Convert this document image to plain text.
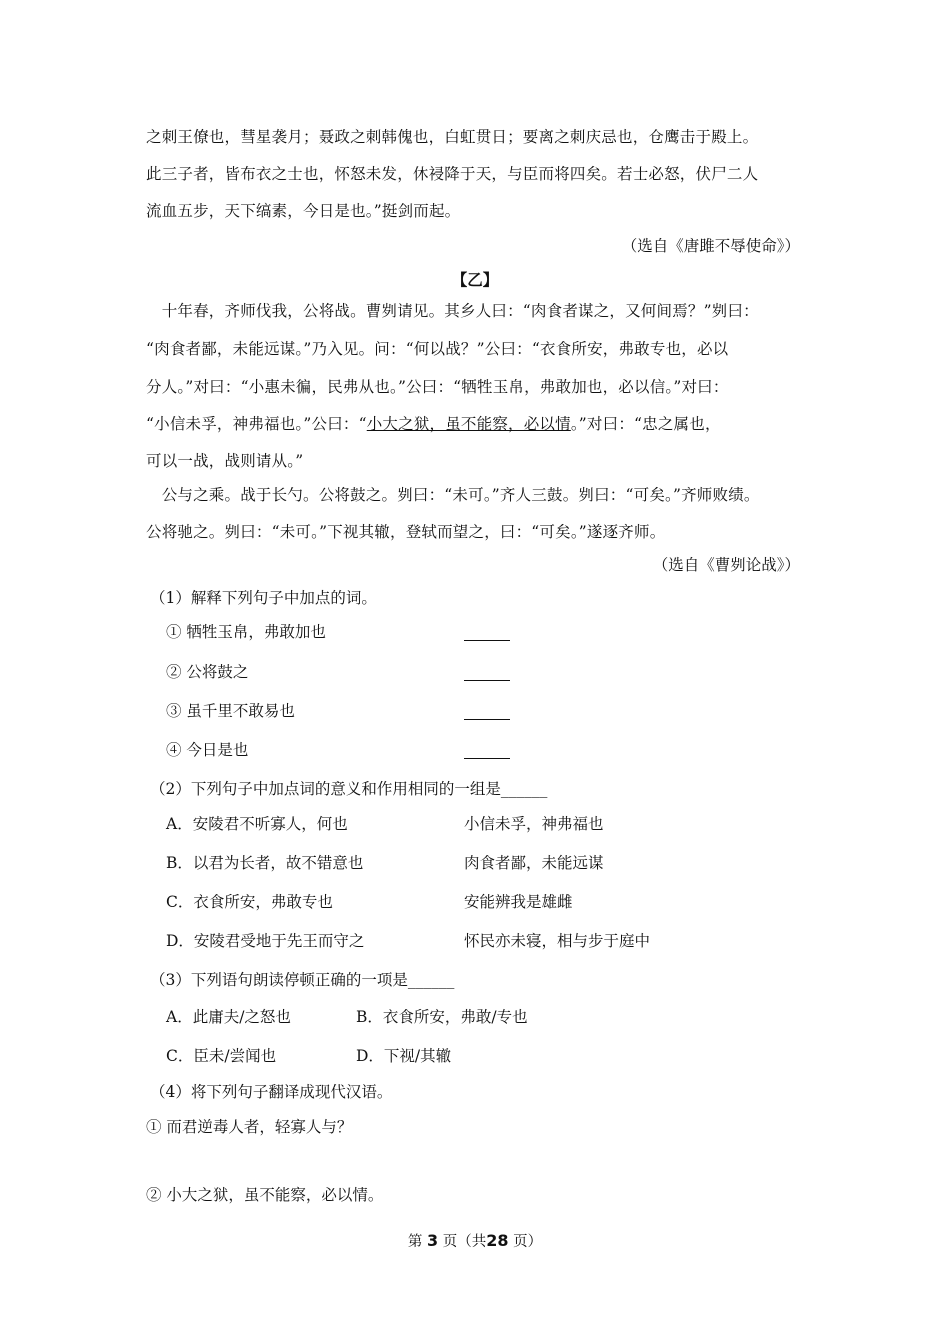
之刺王僚也，彗星袭月；聂政之刺韩傀也，白虹贯日；要离之刺庆忌也，仓鹰击于殿上。
此三子者，皆布衣之士也，怀怒未发，休祲降于天，与臣而将四矣。若士必怒，伏尸二人
流血五步，天下缟素，今日是也。”挺剑而起。
（选自《唐雎不辱使命》）
【乙】
　十年春，齐师伐我，公将战。曹刿请见。其乡人曰：“肉食者谋之，又何间焉？”刿曰：
“肉食者鄙，未能远谋。”乃入见。问：“何以战？”公曰：“衣食所安，弗敢专也，必以
分人。”对曰：“小惠未徧，民弗从也。”公曰：“牺牲玉帛，弗敢加也，必以信。”对曰：
“小信未孚，神弗福也。”公曰：“小大之狱，虽不能察，必以情。”对曰：“忠之属也，
可以一战，战则请从。”
　公与之乘。战于长勺。公将鼓之。刿曰：“未可。”齐人三鼓。刿曰：“可矣。”齐师败绩。
公将驰之。刿曰：“未可。”下视其辙，登轼而望之，曰：“可矣。”遂逐齐师。
（选自《曹刿论战》）
（1）解释下列句子中加点的词。
① 牺牲玉帛，弗敢加也
② 公将鼓之
③ 虽千里不敢易也
④ 今日是也
（2）下列句子中加点词的意义和作用相同的一组是______
A．安陵君不听寡人，何也	小信未孚，神弗福也
B．以君为长者，故不错意也	肉食者鄙，未能远谋
C．衣食所安，弗敢专也	安能辨我是雄雌
D．安陵君受地于先王而守之	怀民亦未寝，相与步于庭中
（3）下列语句朗读停顿正确的一项是______
A．此庸夫/之怒也	B．衣食所安，弗敢/专也
C．臣未/尝闻也	D．下视/其辙
（4）将下列句子翻译成现代汉语。
① 而君逆毒人者，轻寡人与？
② 小大之狱，虽不能察，必以情。
第 3 页（共28 页）
